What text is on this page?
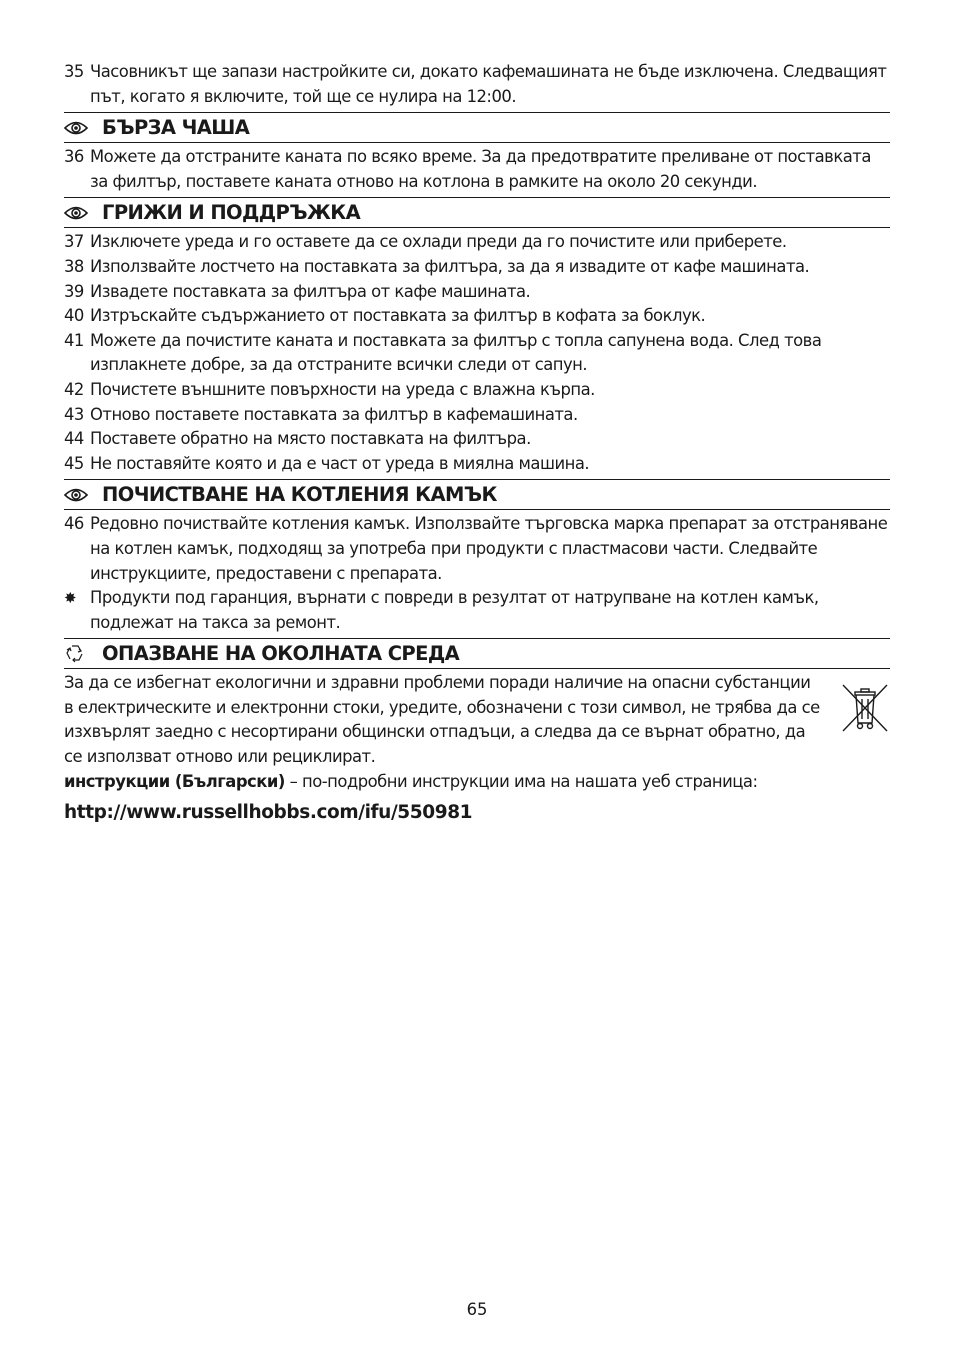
35 Часовникът ще запази настройките си, докато кафемашината не бъде изключена. Следващият път, когато я включите, той ще се нулира на 12:00.
БЪРЗА ЧАША
36 Можете да отстраните каната по всяко време. За да предотвратите преливане от поставката за филтър, поставете каната отново на котлона в рамките на около 20 секунди.
ГРИЖИ И ПОДДРЪЖКА
37 Изключете уреда и го оставете да се охлади преди да го почистите или приберете.
38 Използвайте лостчето на поставката за филтъра, за да я извадите от кафе машината.
39 Извадете поставката за филтъра от кафе машината.
40 Изтръскайте съдържанието от поставката за филтър в кофата за боклук.
41 Можете да почистите каната и поставката за филтър с топла сапунена вода. След това изплакнете добре, за да отстраните всички следи от сапун.
42 Почистете външните повърхности на уреда с влажна кърпа.
43 Отново поставете поставката за филтър в кафемашината.
44 Поставете обратно на място поставката на филтъра.
45 Не поставяйте която и да е част от уреда в миялна машина.
ПОЧИСТВАНЕ НА КОТЛЕНИЯ КАМЪК
46 Редовно почиствайте котления камък. Използвайте търговска марка препарат за отстраняване на котлен камък, подходящ за употреба при продукти с пластмасови части. Следвайте инструкциите, предоставени с препарата.
✸ Продукти под гаранция, върнати с повреди в резултат от натрупване на котлен камък, подлежат на такса за ремонт.
ОПАЗВАНЕ НА ОКОЛНАТА СРЕДА
За да се избегнат екологични и здравни проблеми поради наличие на опасни субстанции в електрическите и електронни стоки, уредите, обозначени с този символ, не трябва да се изхвърлят заедно с несортирани общински отпадъци, а следва да се върнат обратно, да се използват отново или рециклират.
инструкции (Български) – по-подробни инструкции има на нашата уеб страница:
http://www.russellhobbs.com/ifu/550981
65
